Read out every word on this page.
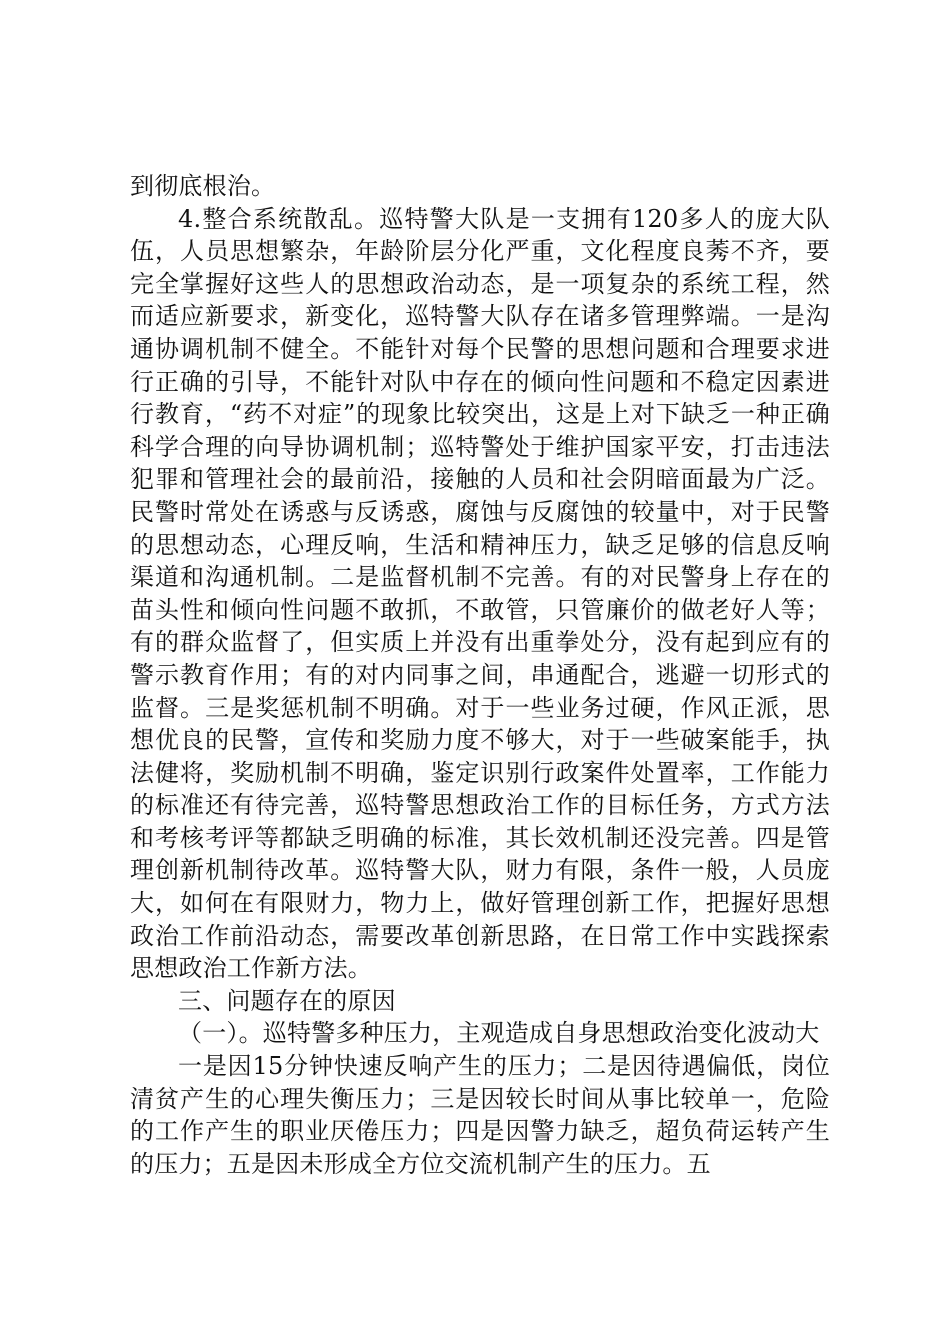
到彻底根治。

4.整合系统散乱。巡特警大队是一支拥有120多人的庞大队伍，人员思想繁杂，年龄阶层分化严重，文化程度良莠不齐，要完全掌握好这些人的思想政治动态，是一项复杂的系统工程，然而适应新要求，新变化，巡特警大队存在诸多管理弊端。一是沟通协调机制不健全。不能针对每个民警的思想问题和合理要求进行正确的引导，不能针对队中存在的倾向性问题和不稳定因素进行教育，“药不对症”的现象比较突出，这是上对下缺乏一种正确科学合理的向导协调机制；巡特警处于维护国家平安，打击违法犯罪和管理社会的最前沿，接触的人员和社会阴暗面最为广泛。民警时常处在诱惑与反诱惑，腐蚀与反腐蚀的较量中，对于民警的思想动态，心理反响，生活和精神压力，缺乏足够的信息反响渠道和沟通机制。二是监督机制不完善。有的对民警身上存在的苗头性和倾向性问题不敢抓，不敢管，只管廉价的做老好人等；有的群众监督了，但实质上并没有出重拳处分，没有起到应有的警示教育作用；有的对内同事之间，串通配合，逃避一切形式的监督。三是奖惩机制不明确。对于一些业务过硬，作风正派，思想优良的民警，宣传和奖励力度不够大，对于一些破案能手，执法健将，奖励机制不明确，鉴定识别行政案件处置率，工作能力的标准还有待完善，巡特警思想政治工作的目标任务，方式方法和考核考评等都缺乏明确的标准，其长效机制还没完善。四是管理创新机制待改革。巡特警大队，财力有限，条件一般，人员庞大，如何在有限财力，物力上，做好管理创新工作，把握好思想政治工作前沿动态，需要改革创新思路，在日常工作中实践探索思想政治工作新方法。

三、问题存在的原因

（一）。巡特警多种压力，主观造成自身思想政治变化波动大

一是因15分钟快速反响产生的压力；二是因待遇偏低，岗位清贫产生的心理失衡压力；三是因较长时间从事比较单一，危险的工作产生的职业厌倦压力；四是因警力缺乏，超负荷运转产生的压力；五是因未形成全方位交流机制产生的压力。五
